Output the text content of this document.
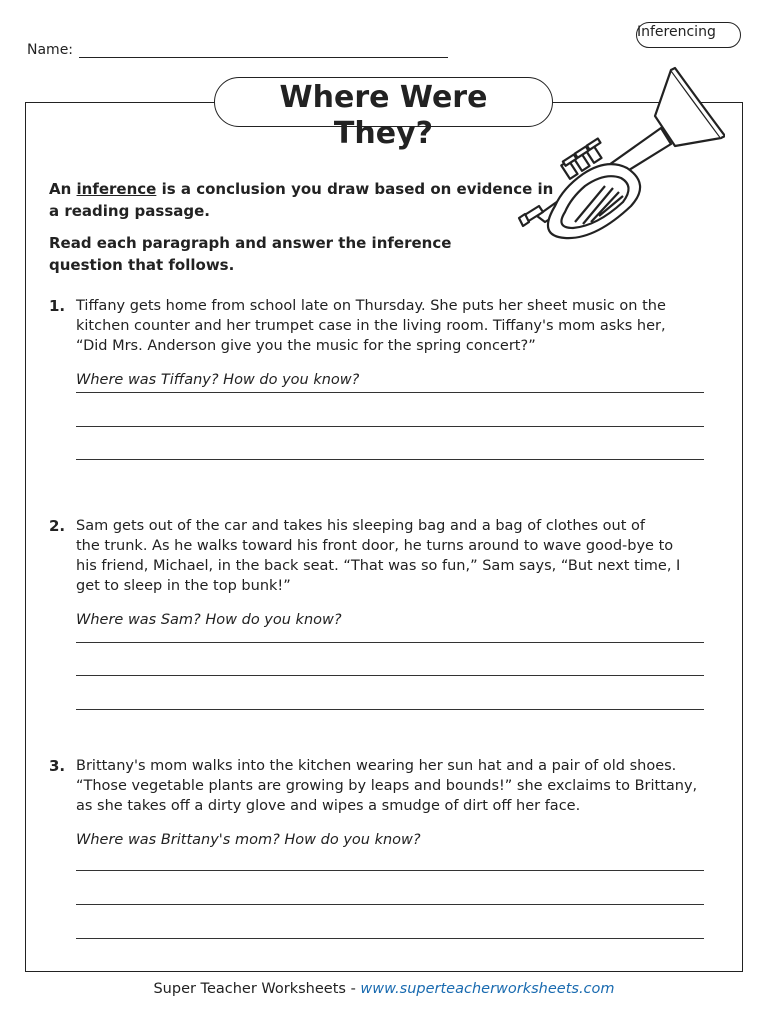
Inferencing
Name:
Where Were
They?
An inference is a conclusion you draw based on evidence in
a reading passage.
Read each paragraph and answer the inference
question that follows.
1. Tiffany gets home from school late on Thursday. She puts her sheet music on the
kitchen counter and her trumpet case in the living room. Tiffany's mom asks her,
“Did Mrs. Anderson give you the music for the spring concert?”
Where was Tiffany? How do you know?
2. Sam gets out of the car and takes his sleeping bag and a bag of clothes out of
the trunk. As he walks toward his front door, he turns around to wave good-bye to
his friend, Michael, in the back seat. “That was so fun,” Sam says, “But next time, I
get to sleep in the top bunk!”
Where was Sam? How do you know?
3. Brittany's mom walks into the kitchen wearing her sun hat and a pair of old shoes.
“Those vegetable plants are growing by leaps and bounds!” she exclaims to Brittany,
as she takes off a dirty glove and wipes a smudge of dirt off her face.
Where was Brittany's mom? How do you know?
Super Teacher Worksheets - www.superteacherworksheets.com
